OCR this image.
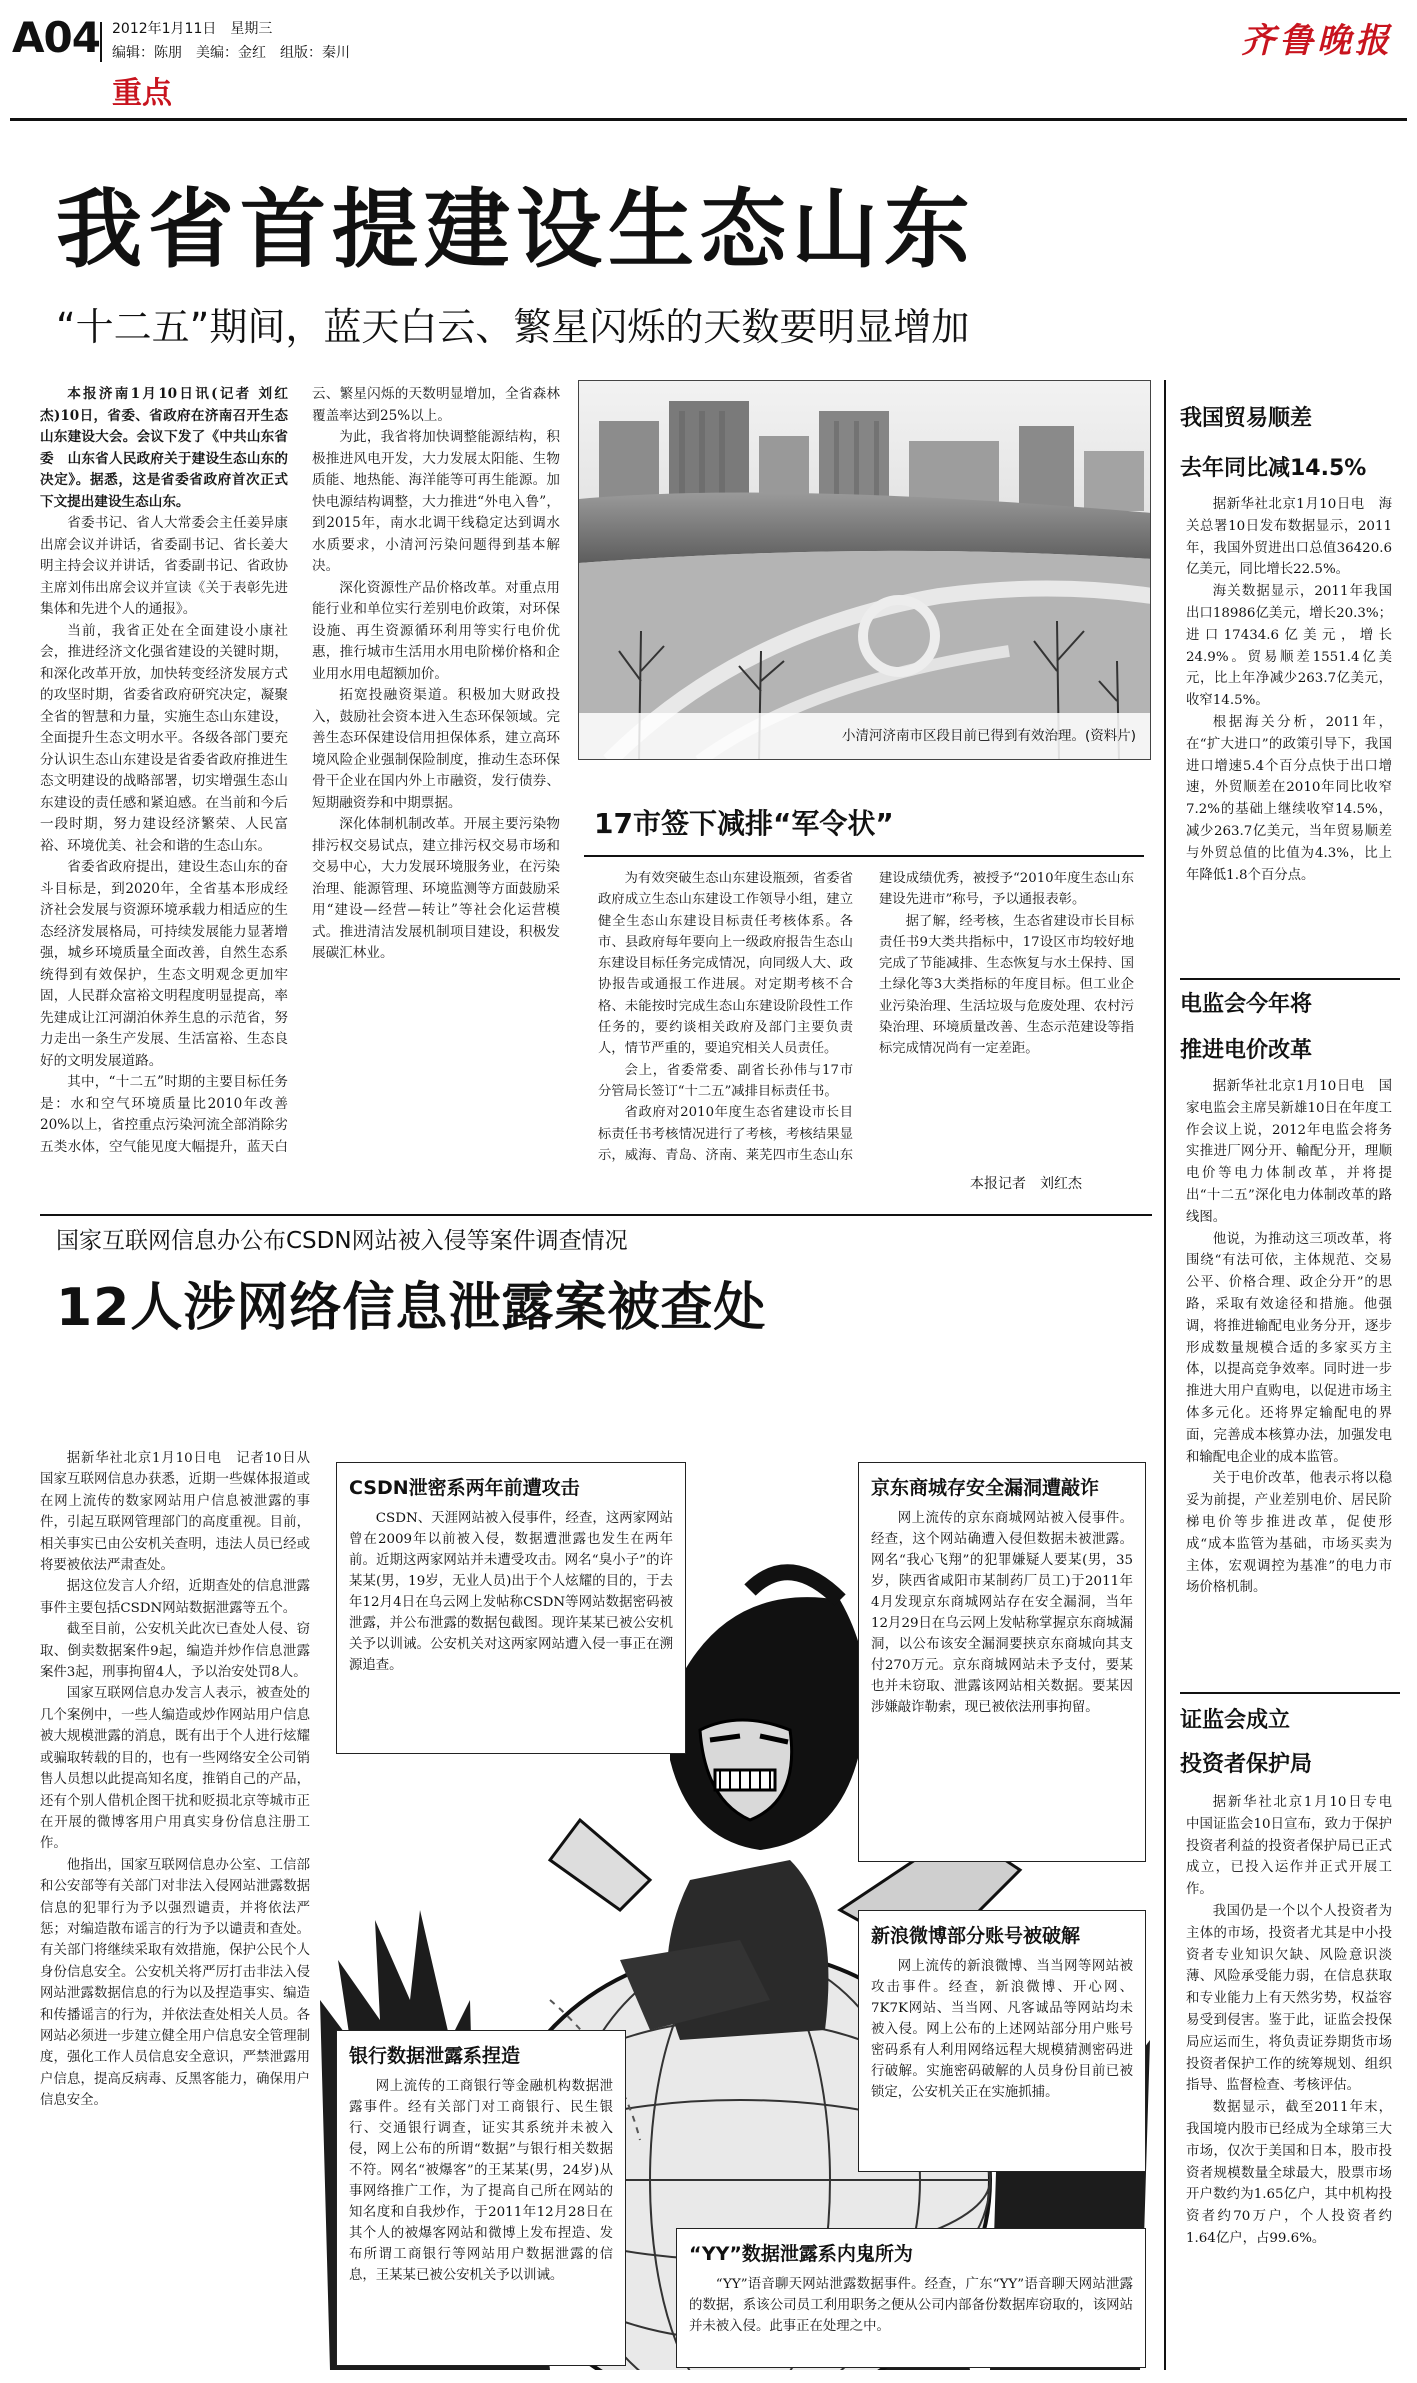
A04 2012年1月11日　星期三
编辑：陈朋　美编：金红　组版：秦川
重点
齐鲁晚报
我省首提建设生态山东
“十二五”期间，蓝天白云、繁星闪烁的天数要明显增加

本报济南1月10日讯(记者 刘红杰)10日，省委、省政府在济南召开生态山东建设大会。会议下发了《中共山东省委　山东省人民政府关于建设生态山东的决定》。据悉，这是省委省政府首次正式下文提出建设生态山东。

省委书记、省人大常委会主任姜异康出席会议并讲话，省委副书记、省长姜大明主持会议并讲话，省委副书记、省政协主席刘伟出席会议并宣读《关于表彰先进集体和先进个人的通报》。

当前，我省正处在全面建设小康社会，推进经济文化强省建设的关键时期，和深化改革开放，加快转变经济发展方式的攻坚时期，省委省政府研究决定，凝聚全省的智慧和力量，实施生态山东建设，全面提升生态文明水平。各级各部门要充分认识生态山东建设是省委省政府推进生态文明建设的战略部署，切实增强生态山东建设的责任感和紧迫感。在当前和今后一段时期，努力建设经济繁荣、人民富裕、环境优美、社会和谐的生态山东。

省委省政府提出，建设生态山东的奋斗目标是，到2020年，全省基本形成经济社会发展与资源环境承载力相适应的生态经济发展格局，可持续发展能力显著增强，城乡环境质量全面改善，自然生态系统得到有效保护，生态文明观念更加牢固，人民群众富裕文明程度明显提高，率先建成让江河湖泊休养生息的示范省，努力走出一条生产发展、生活富裕、生态良好的文明发展道路。

其中，“十二五”时期的主要目标任务是：水和空气环境质量比2010年改善20%以上，省控重点污染河流全部消除劣五类水体，空气能见度大幅提升，蓝天白云、繁星闪烁的天数明显增加，全省森林覆盖率达到25%以上。

为此，我省将加快调整能源结构，积极推进风电开发，大力发展太阳能、生物质能、地热能、海洋能等可再生能源。加快电源结构调整，大力推进“外电入鲁”，到2015年，南水北调干线稳定达到调水水质要求，小清河污染问题得到基本解决。

深化资源性产品价格改革。对重点用能行业和单位实行差别电价政策，对环保设施、再生资源循环利用等实行电价优惠，推行城市生活用水用电阶梯价格和企业用水用电超额加价。

拓宽投融资渠道。积极加大财政投入，鼓励社会资本进入生态环保领域。完善生态环保建设信用担保体系，建立高环境风险企业强制保险制度，推动生态环保骨干企业在国内外上市融资，发行债券、短期融资券和中期票据。

深化体制机制改革。开展主要污染物排污权交易试点，建立排污权交易市场和交易中心，大力发展环境服务业，在污染治理、能源管理、环境监测等方面鼓励采用“建设—经营—转让”等社会化运营模式。推进清洁发展机制项目建设，积极发展碳汇林业。

小清河济南市区段目前已得到有效治理。(资料片)
17市签下减排“军令状”

为有效突破生态山东建设瓶颈，省委省政府成立生态山东建设工作领导小组，建立健全生态山东建设目标责任考核体系。各市、县政府每年要向上一级政府报告生态山东建设目标任务完成情况，向同级人大、政协报告或通报工作进展。对定期考核不合格、未能按时完成生态山东建设阶段性工作任务的，要约谈相关政府及部门主要负责人，情节严重的，要追究相关人员责任。

会上，省委常委、副省长孙伟与17市分管局长签订“十二五”减排目标责任书。

省政府对2010年度生态省建设市长目标责任书考核情况进行了考核，考核结果显示，威海、青岛、济南、莱芜四市生态山东建设成绩优秀，被授予“2010年度生态山东建设先进市”称号，予以通报表彰。

据了解，经考核，生态省建设市长目标责任书9大类共指标中，17设区市均较好地完成了节能减排、生态恢复与水土保持、国土绿化等3大类指标的年度目标。但工业企业污染治理、生活垃圾与危废处理、农村污染治理、环境质量改善、生态示范建设等指标完成情况尚有一定差距。

本报记者　刘红杰
国家互联网信息办公布CSDN网站被入侵等案件调查情况
12人涉网络信息泄露案被查处

据新华社北京1月10日电　记者10日从国家互联网信息办获悉，近期一些媒体报道或在网上流传的数家网站用户信息被泄露的事件，引起互联网管理部门的高度重视。目前，相关事实已由公安机关查明，违法人员已经或将要被依法严肃查处。

据这位发言人介绍，近期查处的信息泄露事件主要包括CSDN网站数据泄露等五个。

截至目前，公安机关此次已查处人侵、窃取、倒卖数据案件9起，编造并炒作信息泄露案件3起，刑事拘留4人，予以治安处罚8人。

国家互联网信息办发言人表示，被查处的几个案例中，一些人编造或炒作网站用户信息被大规模泄露的消息，既有出于个人进行炫耀或骗取转载的目的，也有一些网络安全公司销售人员想以此提高知名度，推销自己的产品，还有个别人借机企图干扰和贬损北京等城市正在开展的微博客用户用真实身份信息注册工作。

他指出，国家互联网信息办公室、工信部和公安部等有关部门对非法入侵网站泄露数据信息的犯罪行为予以强烈谴责，并将依法严惩；对编造散布谣言的行为予以谴责和查处。有关部门将继续采取有效措施，保护公民个人身份信息安全。公安机关将严厉打击非法入侵网站泄露数据信息的行为以及捏造事实、编造和传播谣言的行为，并依法查处相关人员。各网站必须进一步建立健全用户信息安全管理制度，强化工作人员信息安全意识，严禁泄露用户信息，提高反病毒、反黑客能力，确保用户信息安全。

CSDN泄密系两年前遭攻击

CSDN、天涯网站被入侵事件，经查，这两家网站曾在2009年以前被入侵，数据遭泄露也发生在两年前。近期这两家网站并未遭受攻击。网名“臭小子”的许某某(男，19岁，无业人员)出于个人炫耀的目的，于去年12月4日在乌云网上发帖称CSDN等网站数据密码被泄露，并公布泄露的数据包截图。现许某某已被公安机关予以训诫。公安机关对这两家网站遭入侵一事正在溯源追查。

京东商城存安全漏洞遭敲诈

网上流传的京东商城网站被入侵事件。经查，这个网站确遭入侵但数据未被泄露。网名“我心飞翔”的犯罪嫌疑人要某(男，35岁，陕西省咸阳市某制药厂员工)于2011年4月发现京东商城网站存在安全漏洞，当年12月29日在乌云网上发帖称掌握京东商城漏洞，以公布该安全漏洞要挟京东商城向其支付270万元。京东商城网站未予支付，要某也并未窃取、泄露该网站相关数据。要某因涉嫌敲诈勒索，现已被依法刑事拘留。

新浪微博部分账号被破解

网上流传的新浪微博、当当网等网站被攻击事件。经查，新浪微博、开心网、7K7K网站、当当网、凡客诚品等网站均未被入侵。网上公布的上述网站部分用户账号密码系有人利用网络远程大规模猜测密码进行破解。实施密码破解的人员身份目前已被锁定，公安机关正在实施抓捕。

银行数据泄露系捏造

网上流传的工商银行等金融机构数据泄露事件。经有关部门对工商银行、民生银行、交通银行调查，证实其系统并未被入侵，网上公布的所谓“数据”与银行相关数据不符。网名“被爆客”的王某某(男，24岁)从事网络推广工作，为了提高自己所在网站的知名度和自我炒作，于2011年12月28日在其个人的被爆客网站和微博上发布捏造、发布所谓工商银行等网站用户数据泄露的信息，王某某已被公安机关予以训诫。

“YY”数据泄露系内鬼所为

“YY”语音聊天网站泄露数据事件。经查，广东“YY”语音聊天网站泄露的数据，系该公司员工利用职务之便从公司内部备份数据库窃取的，该网站并未被入侵。此事正在处理之中。

我国贸易顺差
去年同比减14.5%

据新华社北京1月10日电　海关总署10日发布数据显示，2011年，我国外贸进出口总值36420.6亿美元，同比增长22.5%。

海关数据显示，2011年我国出口18986亿美元，增长20.3%；进口17434.6亿美元，增长24.9%。贸易顺差1551.4亿美元，比上年净减少263.7亿美元，收窄14.5%。

根据海关分析，2011年，在“扩大进口”的政策引导下，我国进口增速5.4个百分点快于出口增速，外贸顺差在2010年同比收窄7.2%的基础上继续收窄14.5%，减少263.7亿美元，当年贸易顺差与外贸总值的比值为4.3%，比上年降低1.8个百分点。

电监会今年将
推进电价改革

据新华社北京1月10日电　国家电监会主席吴新雄10日在年度工作会议上说，2012年电监会将务实推进厂网分开、輸配分开，理顺电价等电力体制改革，并将提出“十二五”深化电力体制改革的路线图。

他说，为推动这三项改革，将围绕“有法可依，主体规范、交易公平、价格合理、政企分开”的思路，采取有效途径和措施。他强调，将推进输配电业务分开，逐步形成数量规模合适的多家买方主体，以提高竞争效率。同时进一步推进大用户直购电，以促进市场主体多元化。还将界定输配电的界面，完善成本核算办法，加强发电和输配电企业的成本监管。

关于电价改革，他表示将以稳妥为前提，产业差别电价、居民阶梯电价等步推进改革，促使形成“成本监管为基础，市场买卖为主体，宏观调控为基准”的电力市场价格机制。

证监会成立
投资者保护局

据新华社北京1月10日专电　中国证监会10日宣布，致力于保护投资者利益的投资者保护局已正式成立，已投入运作并正式开展工作。

我国仍是一个以个人投资者为主体的市场，投资者尤其是中小投资者专业知识欠缺、风险意识淡薄、风险承受能力弱，在信息获取和专业能力上有天然劣势，权益容易受到侵害。鉴于此，证监会投保局应运而生，将负责证券期货市场投资者保护工作的统筹规划、组织指导、监督检查、考核评估。

数据显示，截至2011年末，我国境内股市已经成为全球第三大市场，仅次于美国和日本，股市投资者规模数量全球最大，股票市场开户数约为1.65亿户，其中机构投资者约70万户，个人投资者约1.64亿户，占99.6%。
